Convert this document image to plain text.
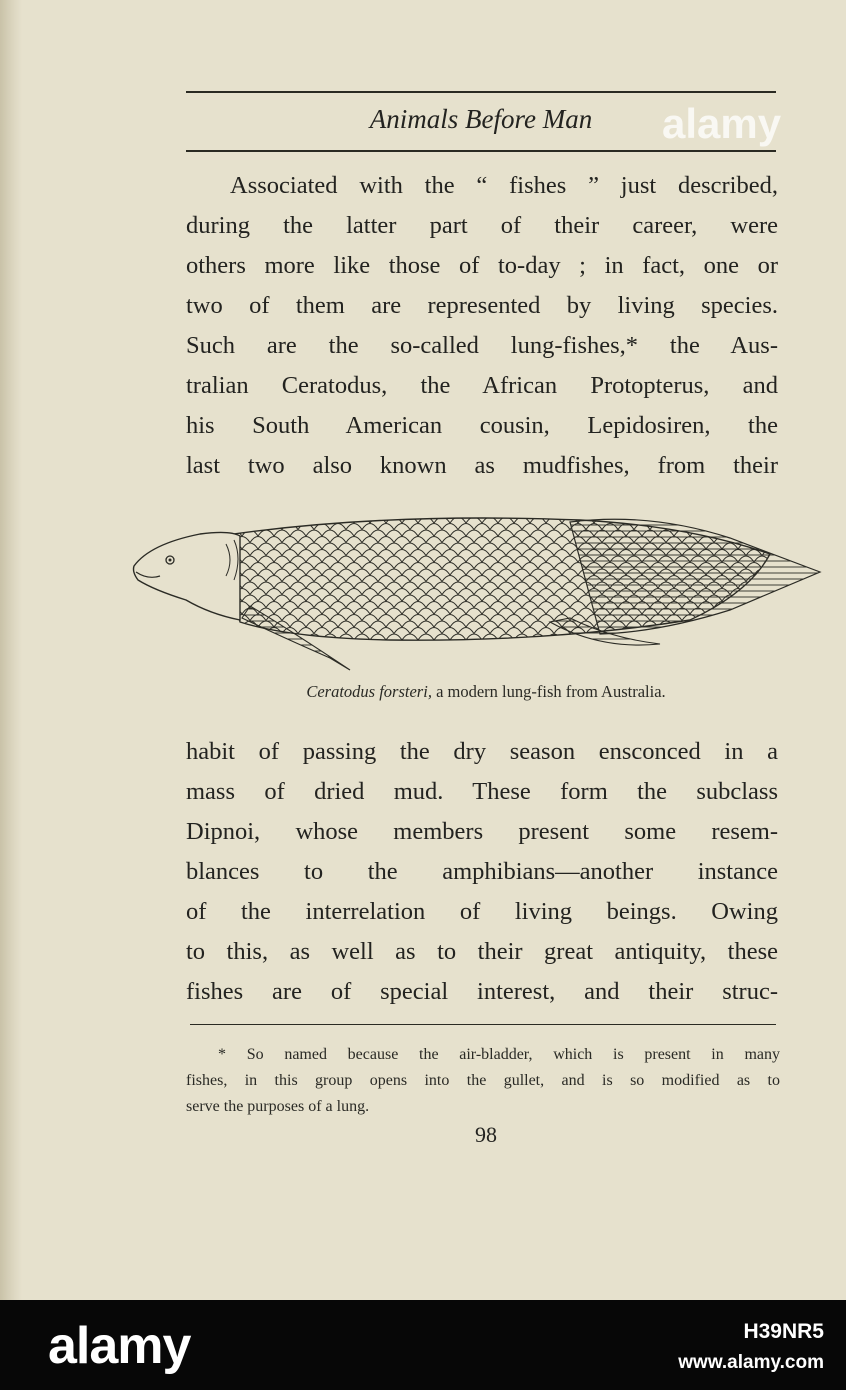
Animals Before Man

Associated with the “ fishes ” just described,
during the latter part of their career, were
others more like those of to-day ; in fact, one or
two of them are represented by living species.
Such are the so-called lung-fishes,* the Aus-
tralian Ceratodus, the African Protopterus, and
his South American cousin, Lepidosiren, the
last two also known as mudfishes, from their

Ceratodus forsteri, a modern lung-fish from Australia.

habit of passing the dry season ensconced in a
mass of dried mud. These form the subclass
Dipnoi, whose members present some resem-
blances to the amphibians—another instance
of the interrelation of living beings. Owing
to this, as well as to their great antiquity, these
fishes are of special interest, and their struc-

* So named because the air-bladder, which is present in many
fishes, in this group opens into the gullet, and is so modified as to
serve the purposes of a lung.
98
alamy
alamy	H39NR5
www.alamy.com
